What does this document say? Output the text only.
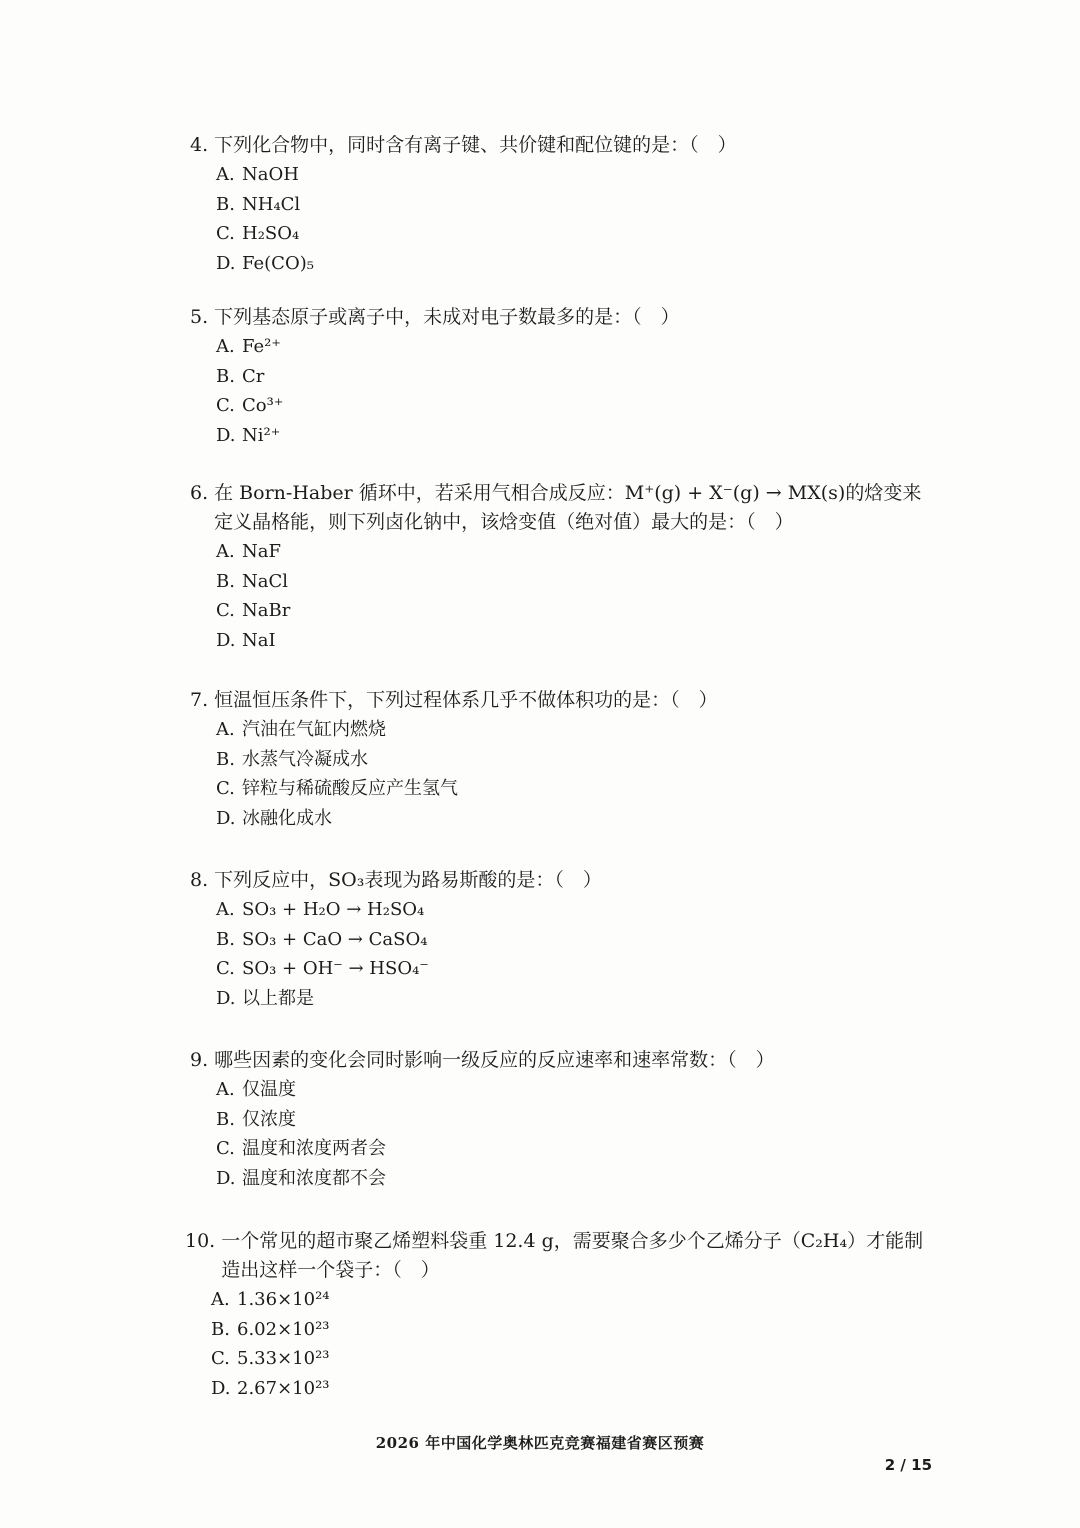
4. 下列化合物中，同时含有离子键、共价键和配位键的是：（　）
A. NaOH
B. NH₄Cl
C. H₂SO₄
D. Fe(CO)₅
5. 下列基态原子或离子中，未成对电子数最多的是：（　）
A. Fe²⁺
B. Cr
C. Co³⁺
D. Ni²⁺
6. 在 Born-Haber 循环中，若采用气相合成反应：M⁺(g) + X⁻(g) → MX(s)的焓变来定义晶格能，则下列卤化钠中，该焓变值（绝对值）最大的是：（　）
A. NaF
B. NaCl
C. NaBr
D. NaI
7. 恒温恒压条件下，下列过程体系几乎不做体积功的是：（　）
A. 汽油在气缸内燃烧
B. 水蒸气冷凝成水
C. 锌粒与稀硫酸反应产生氢气
D. 冰融化成水
8. 下列反应中，SO₃表现为路易斯酸的是：（　）
A. SO₃ + H₂O → H₂SO₄
B. SO₃ + CaO → CaSO₄
C. SO₃ + OH⁻ → HSO₄⁻
D. 以上都是
9. 哪些因素的变化会同时影响一级反应的反应速率和速率常数：（　）
A. 仅温度
B. 仅浓度
C. 温度和浓度两者会
D. 温度和浓度都不会
10. 一个常见的超市聚乙烯塑料袋重 12.4 g，需要聚合多少个乙烯分子（C₂H₄）才能制造出这样一个袋子：（　）
A. 1.36×10²⁴
B. 6.02×10²³
C. 5.33×10²³
D. 2.67×10²³
2026 年中国化学奥林匹克竞赛福建省赛区预赛
2 / 15
